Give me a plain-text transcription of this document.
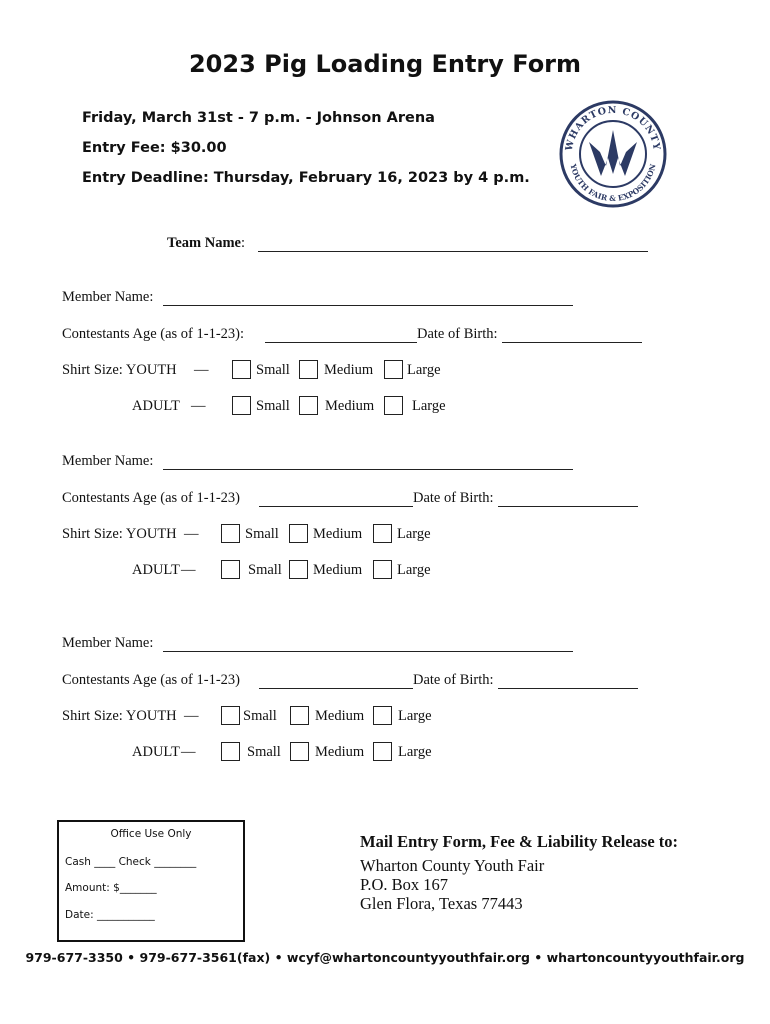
2023 Pig Loading Entry Form
Friday, March 31st - 7 p.m. - Johnson Arena
Entry Fee: $30.00
Entry Deadline: Thursday, February 16, 2023 by 4 p.m.
WHARTON COUNTY
YOUTH FAIR & EXPOSITION
Team Name:
Member Name:
Contestants Age (as of 1-1-23):	Date of Birth:
Shirt Size: YOUTH —	Small Medium Large
ADULT —	Small Medium	Large
Member Name:
Contestants Age (as of 1-1-23)	Date of Birth:
Shirt Size: YOUTH —	Small Medium Large
ADULT —	Small Medium Large
Member Name:
Contestants Age (as of 1-1-23)	Date of Birth:
Shirt Size: YOUTH —	Small	Medium Large
ADULT —	Small Medium Large
Office Use Only
Cash ____ Check ________
Amount: $_______
Date: ___________
Mail Entry Form, Fee & Liability Release to:
Wharton County Youth Fair
P.O. Box 167
Glen Flora, Texas 77443
979-677-3350 • 979-677-3561(fax) • wcyf@whartoncountyyouthfair.org • whartoncountyyouthfair.org
